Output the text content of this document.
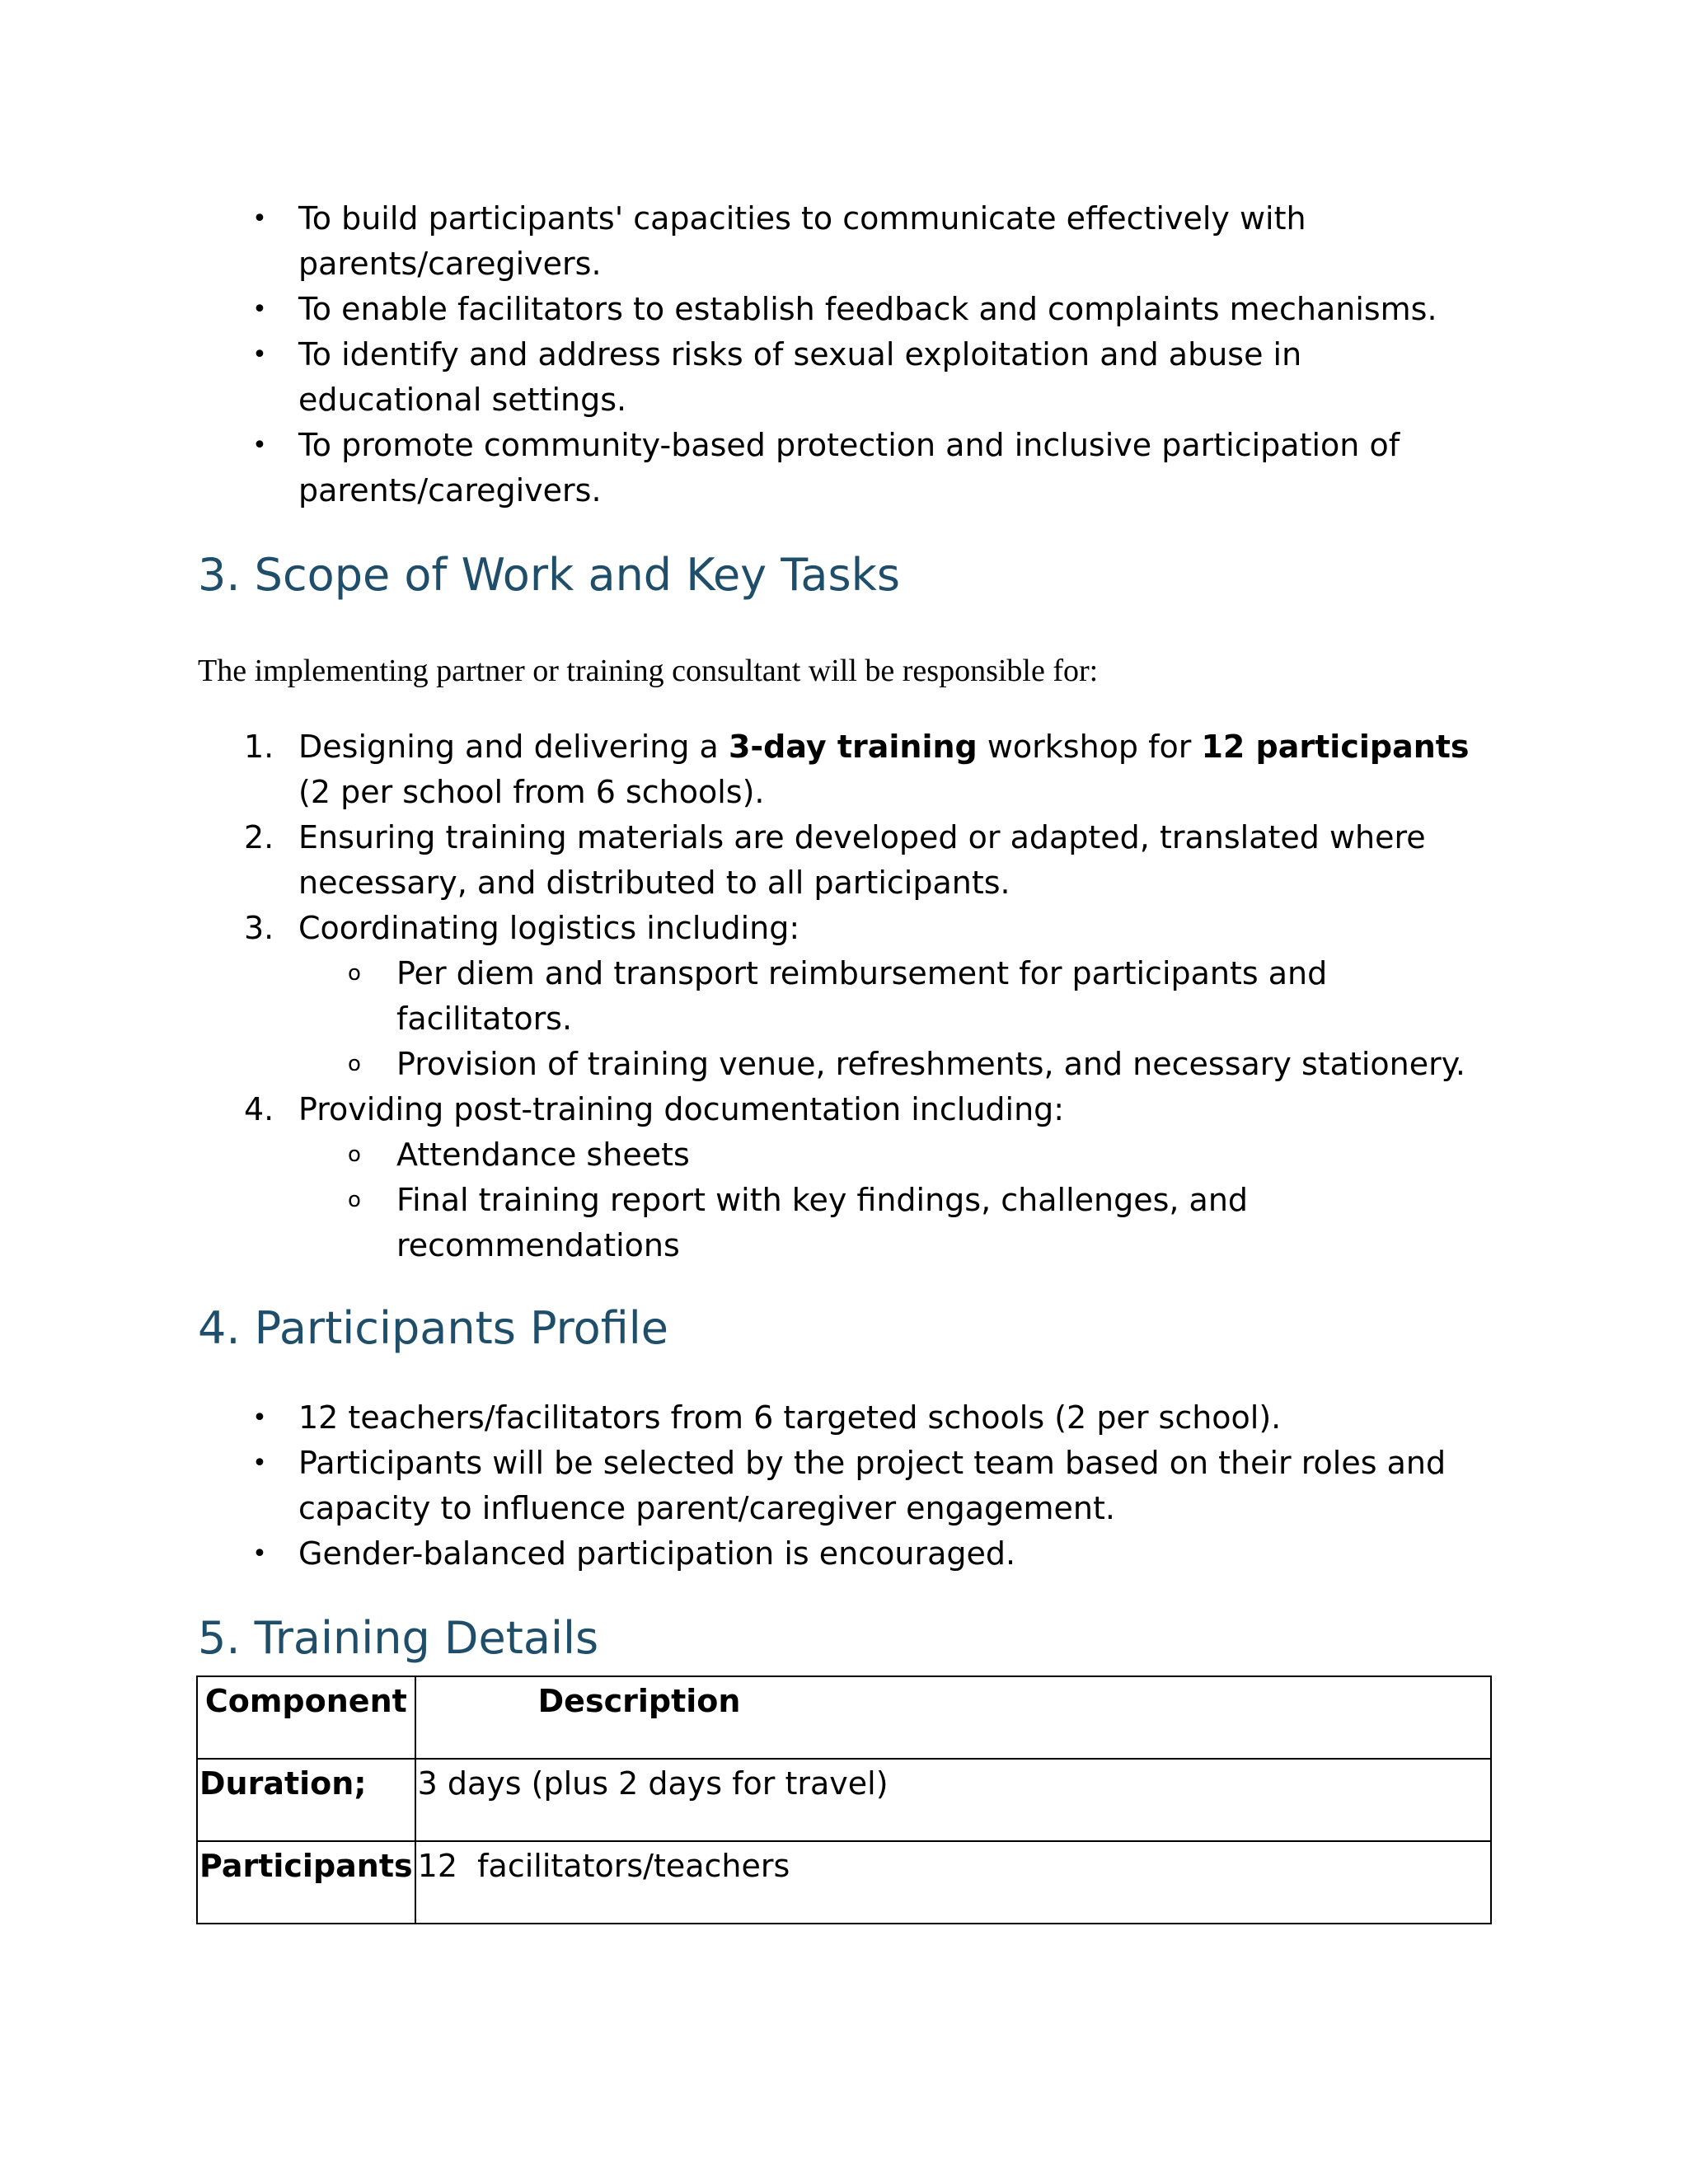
• To build participants' capacities to communicate effectively with parents/caregivers.
• To enable facilitators to establish feedback and complaints mechanisms.
• To identify and address risks of sexual exploitation and abuse in educational settings.
• To promote community-based protection and inclusive participation of parents/caregivers.
3. Scope of Work and Key Tasks

The implementing partner or training consultant will be responsible for:

1. Designing and delivering a 3-day training workshop for 12 participants (2 per school from 6 schools).
2. Ensuring training materials are developed or adapted, translated where necessary, and distributed to all participants.
3. Coordinating logistics including:
o	Per diem and transport reimbursement for participants and facilitators.
o	Provision of training venue, refreshments, and necessary stationery.
4. Providing post-training documentation including:
o	Attendance sheets
o	Final training report with key findings, challenges, and recommendations
4. Participants Profile
• 12 teachers/facilitators from 6 targeted schools (2 per school).
• Participants will be selected by the project team based on their roles and capacity to influence parent/caregiver engagement.
• Gender-balanced participation is encouraged.
5. Training Details
Component	Description
Duration;	3 days (plus 2 days for travel)
Participants	12  facilitators/teachers
